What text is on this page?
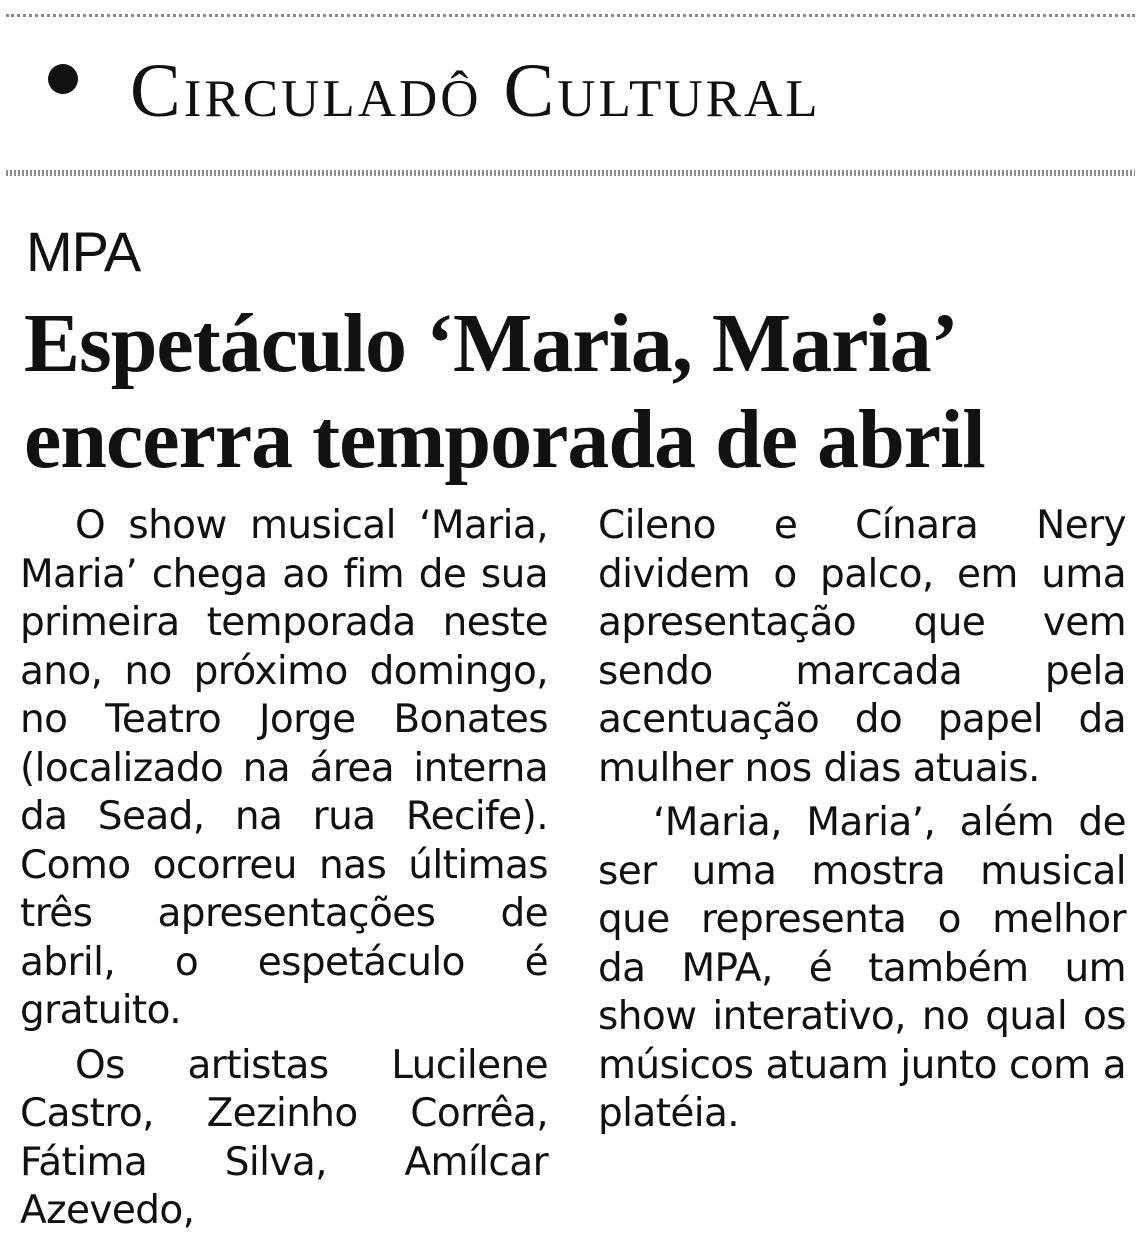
Circuladô Cultural
MPA
Espetáculo ‘Maria, Maria’
encerra temporada de abril

O show musical ‘Maria, Maria’ chega ao fim de sua primeira temporada neste ano, no próximo domingo, no Teatro Jorge Bonates (localizado na área interna da Sead, na rua Recife). Como ocorreu nas últimas três apresentações de abril, o espetáculo é gratuito.

Os artistas Lucilene Castro, Zezinho Corrêa, Fátima Silva, Amílcar Azevedo,

Cileno e Cínara Nery dividem o palco, em uma apresentação que vem sendo marcada pela acentuação do papel da mulher nos dias atuais.

‘Maria, Maria’, além de ser uma mostra musical que representa o melhor da MPA, é também um show interativo, no qual os músicos atuam junto com a platéia.
